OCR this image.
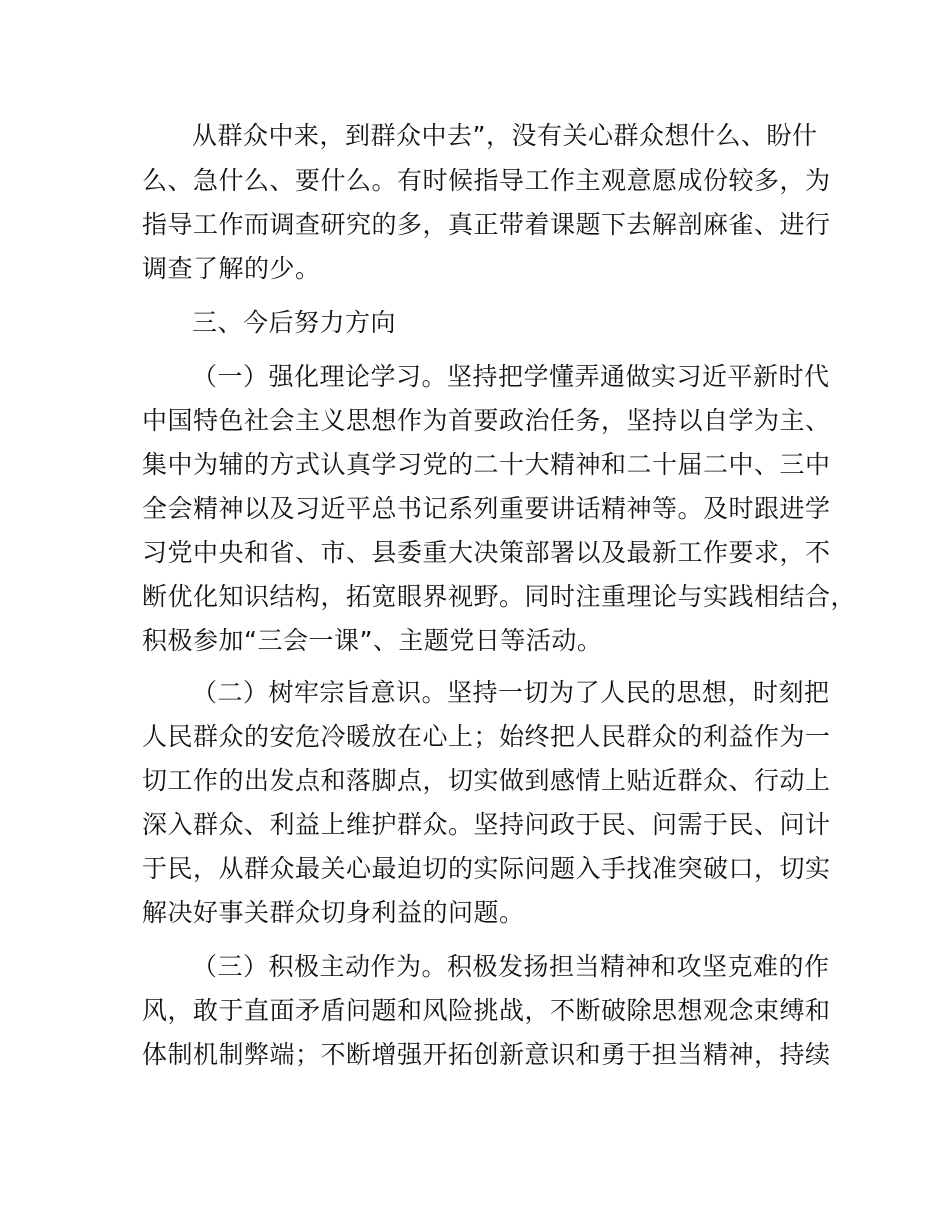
从群众中来，到群众中去”，没有关心群众想什么、盼什
么、急什么、要什么。有时候指导工作主观意愿成份较多，为
指导工作而调查研究的多，真正带着课题下去解剖麻雀、进行
调查了解的少。
三、今后努力方向
（一）强化理论学习。坚持把学懂弄通做实习近平新时代
中国特色社会主义思想作为首要政治任务，坚持以自学为主、
集中为辅的方式认真学习党的二十大精神和二十届二中、三中
全会精神以及习近平总书记系列重要讲话精神等。及时跟进学
习党中央和省、市、县委重大决策部署以及最新工作要求，不
断优化知识结构，拓宽眼界视野。同时注重理论与实践相结合，
积极参加“三会一课”、主题党日等活动。
（二）树牢宗旨意识。坚持一切为了人民的思想，时刻把
人民群众的安危冷暖放在心上；始终把人民群众的利益作为一
切工作的出发点和落脚点，切实做到感情上贴近群众、行动上
深入群众、利益上维护群众。坚持问政于民、问需于民、问计
于民，从群众最关心最迫切的实际问题入手找准突破口，切实
解决好事关群众切身利益的问题。
（三）积极主动作为。积极发扬担当精神和攻坚克难的作
风，敢于直面矛盾问题和风险挑战，不断破除思想观念束缚和
体制机制弊端；不断增强开拓创新意识和勇于担当精神，持续
